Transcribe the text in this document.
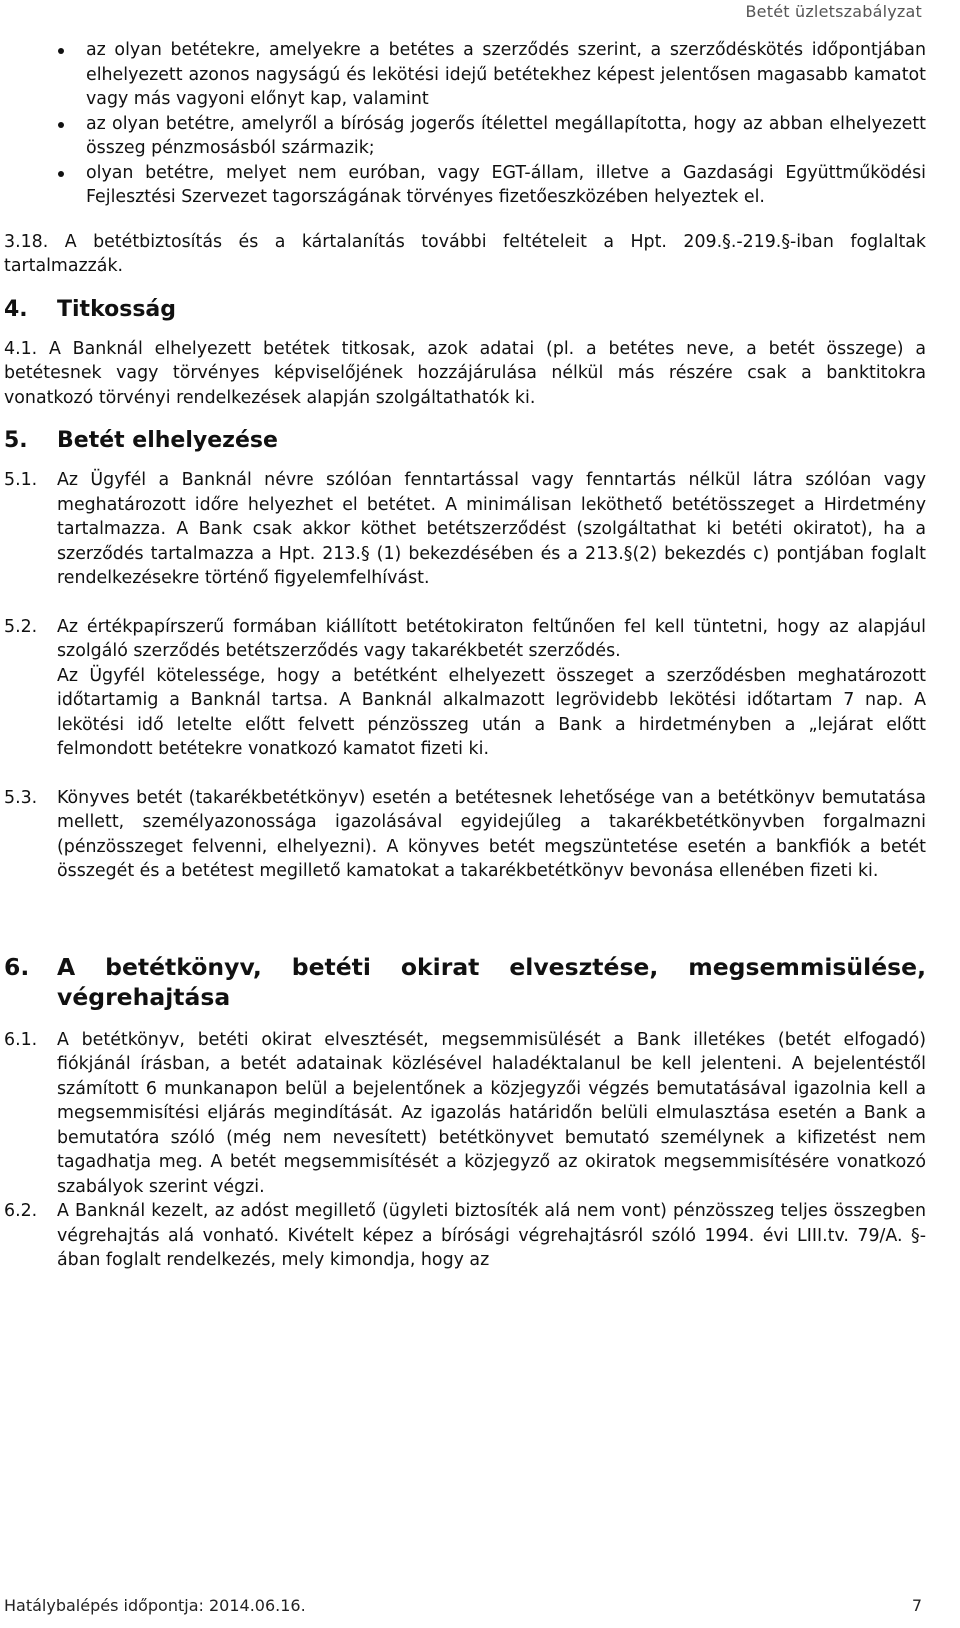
Betét üzletszabályzat
az olyan betétekre, amelyekre a betétes a szerződés szerint, a szerződéskötés időpontjában elhelyezett azonos nagyságú és lekötési idejű betétekhez képest jelentősen magasabb kamatot vagy más vagyoni előnyt kap, valamint
az olyan betétre, amelyről a bíróság jogerős ítélettel megállapította, hogy az abban elhelyezett összeg pénzmosásból származik;
olyan betétre, melyet nem euróban, vagy EGT-állam, illetve a Gazdasági Együttműködési Fejlesztési Szervezet tagországának törvényes fizetőeszközében helyeztek el.

3.18. A betétbiztosítás és a kártalanítás további feltételeit a Hpt. 209.§.-219.§-iban foglaltak tartalmazzák.

4. Titkosság

4.1. A Banknál elhelyezett betétek titkosak, azok adatai (pl. a betétes neve, a betét összege) a betétesnek vagy törvényes képviselőjének hozzájárulása nélkül más részére csak a banktitokra vonatkozó törvényi rendelkezések alapján szolgáltathatók ki.

5. Betét elhelyezése
5.1. Az Ügyfél a Banknál névre szólóan fenntartással vagy fenntartás nélkül látra szólóan vagy meghatározott időre helyezhet el betétet. A minimálisan leköthető betétösszeget a Hirdetmény tartalmazza. A Bank csak akkor köthet betétszerződést (szolgáltathat ki betéti okiratot), ha a szerződés tartalmazza a Hpt. 213.§ (1) bekezdésében és a 213.§(2) bekezdés c) pontjában foglalt rendelkezésekre történő figyelemfelhívást.
5.2. Az értékpapírszerű formában kiállított betétokiraton feltűnően fel kell tüntetni, hogy az alapjául szolgáló szerződés betétszerződés vagy takarékbetét szerződés.
Az Ügyfél kötelessége, hogy a betétként elhelyezett összeget a szerződésben meghatározott időtartamig a Banknál tartsa. A Banknál alkalmazott legrövidebb lekötési időtartam 7 nap. A lekötési idő letelte előtt felvett pénzösszeg után a Bank a hirdetményben a „lejárat előtt felmondott betétekre vonatkozó kamatot fizeti ki.
5.3. Könyves betét (takarékbetétkönyv) esetén a betétesnek lehetősége van a betétkönyv bemutatása mellett, személyazonossága igazolásával egyidejűleg a takarékbetétkönyvben forgalmazni (pénzösszeget felvenni, elhelyezni). A könyves betét megszüntetése esetén a bankfiók a betét összegét és a betétest megillető kamatokat a takarékbetétkönyv bevonása ellenében fizeti ki.
6. A betétkönyv, betéti okirat elvesztése, megsemmisülése, végrehajtása
6.1. A betétkönyv, betéti okirat elvesztését, megsemmisülését a Bank illetékes (betét elfogadó) fiókjánál írásban, a betét adatainak közlésével haladéktalanul be kell jelenteni. A bejelentéstől számított 6 munkanapon belül a bejelentőnek a közjegyzői végzés bemutatásával igazolnia kell a megsemmisítési eljárás megindítását. Az igazolás határidőn belüli elmulasztása esetén a Bank a bemutatóra szóló (még nem nevesített) betétkönyvet bemutató személynek a kifizetést nem tagadhatja meg. A betét megsemmisítését a közjegyző az okiratok megsemmisítésére vonatkozó szabályok szerint végzi.
6.2. A Banknál kezelt, az adóst megillető (ügyleti biztosíték alá nem vont) pénzösszeg teljes összegben végrehajtás alá vonható. Kivételt képez a bírósági végrehajtásról szóló 1994. évi LIII.tv. 79/A. §-ában foglalt rendelkezés, mely kimondja, hogy az
Hatálybalépés időpontja: 2014.06.16.	7
